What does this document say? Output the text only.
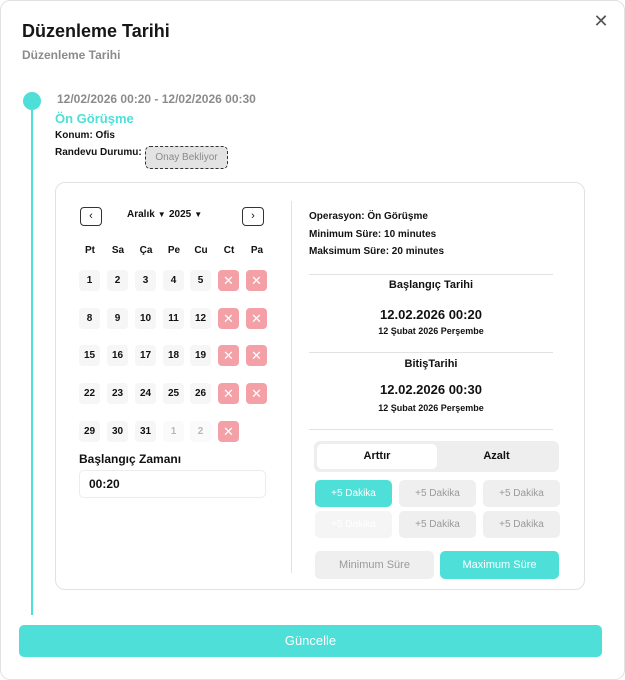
Düzenleme Tarihi
Düzenleme Tarihi
✕
12/02/2026 00:20 - 12/02/2026 00:30
Ön Görüşme
Konum: Ofis
Randevu Durumu:	Onay Bekliyor
‹	Aralık ▼ 2025 ▼	›
Pt	Sa	Ça	Pe	Cu	Ct	Pa
1	2	3	4	5	✕	✕
8	9	10	11	12	✕	✕
15	16	17	18	19	✕	✕
22	23	24	25	26	✕	✕
29	30	31	1	2	✕
Başlangıç Zamanı
00:20
Operasyon: Ön Görüşme
Minimum Süre: 10 minutes
Maksimum Süre: 20 minutes
Başlangıç Tarihi
12.02.2026 00:20
12 Şubat 2026 Perşembe
BitişTarihi
12.02.2026 00:30
12 Şubat 2026 Perşembe
Arttır	Azalt
+5 Dakika	+5 Dakika	+5 Dakika
+5 Dakika	+5 Dakika	+5 Dakika
Minimum Süre	Maximum Süre
Güncelle
